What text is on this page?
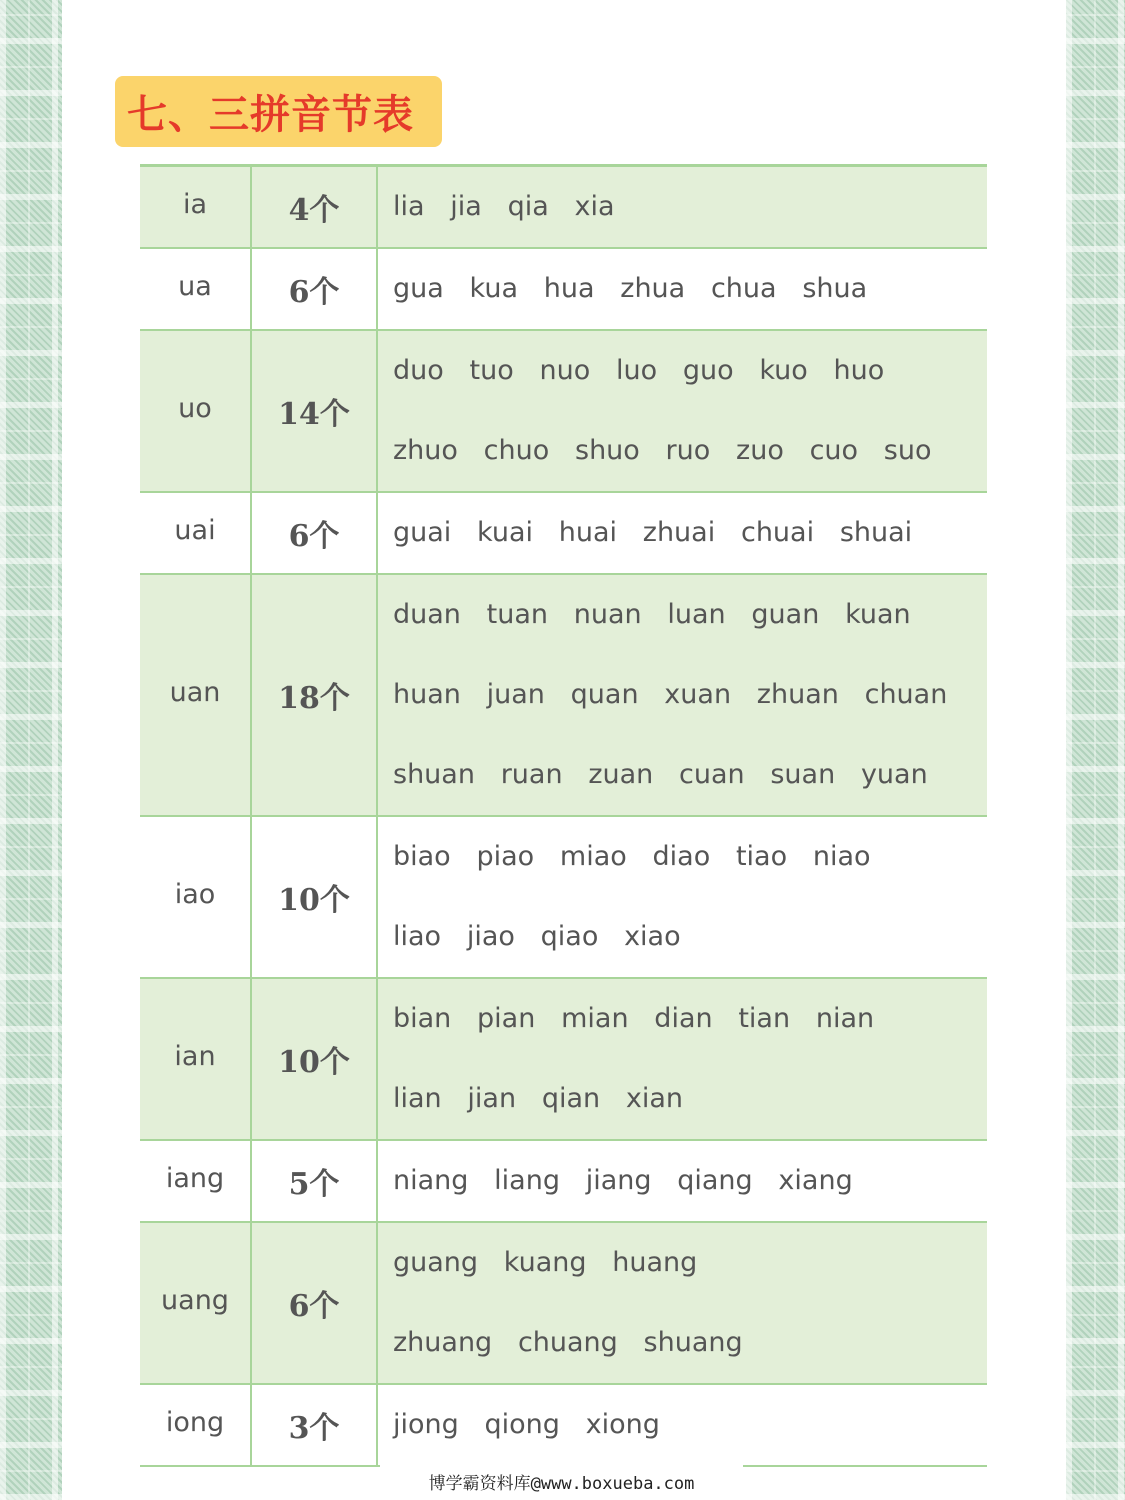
七、三拼音节表
ia	4个	lia   jia   qia   xia
ua	6个	gua   kua   hua   zhua   chua   shua
uo	14个
duo   tuo   nuo   luo   guo   kuo   huo
zhuo   chuo   shuo   ruo   zuo   cuo   suo
uai	6个	guai   kuai   huai   zhuai   chuai   shuai
uan	18个
duan   tuan   nuan   luan   guan   kuan
huan   juan   quan   xuan   zhuan   chuan
shuan   ruan   zuan   cuan   suan   yuan
iao	10个
biao   piao   miao   diao   tiao   niao
liao   jiao   qiao   xiao
ian	10个
bian   pian   mian   dian   tian   nian
lian   jian   qian   xian
iang	5个	niang   liang   jiang   qiang   xiang
uang	6个
guang   kuang   huang
zhuang   chuang   shuang
iong	3个	jiong   qiong   xiong
博学霸资料库@www.boxueba.com
